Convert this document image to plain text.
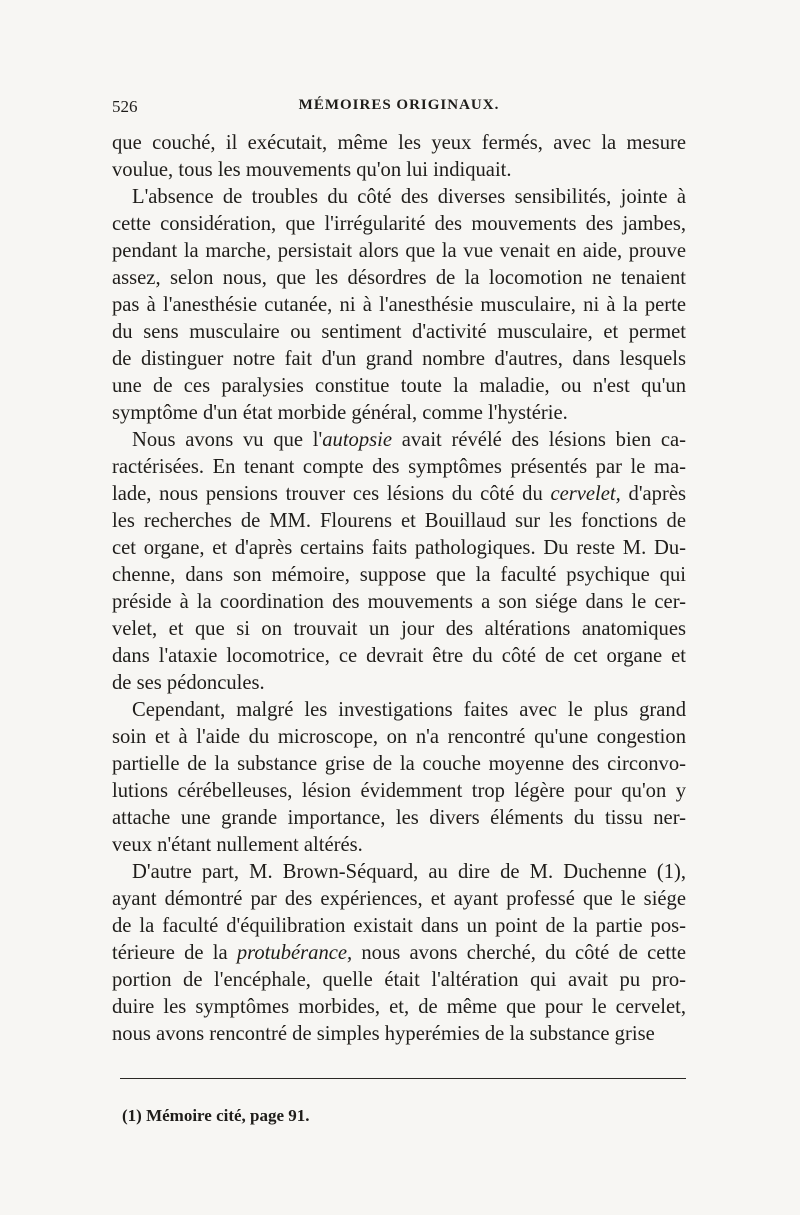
526	MÉMOIRES ORIGINAUX.

que couché, il exécutait, même les yeux fermés, avec la mesure
voulue, tous les mouvements qu'on lui indiquait.

L'absence de troubles du côté des diverses sensibilités, jointe à
cette considération, que l'irrégularité des mouvements des jambes,
pendant la marche, persistait alors que la vue venait en aide, prouve
assez, selon nous, que les désordres de la locomotion ne tenaient
pas à l'anesthésie cutanée, ni à l'anesthésie musculaire, ni à la perte
du sens musculaire ou sentiment d'activité musculaire, et permet
de distinguer notre fait d'un grand nombre d'autres, dans lesquels
une de ces paralysies constitue toute la maladie, ou n'est qu'un
symptôme d'un état morbide général, comme l'hystérie.

Nous avons vu que l'autopsie avait révélé des lésions bien ca-
ractérisées. En tenant compte des symptômes présentés par le ma-
lade, nous pensions trouver ces lésions du côté du cervelet, d'après
les recherches de MM. Flourens et Bouillaud sur les fonctions de
cet organe, et d'après certains faits pathologiques. Du reste M. Du-
chenne, dans son mémoire, suppose que la faculté psychique qui
préside à la coordination des mouvements a son siége dans le cer-
velet, et que si on trouvait un jour des altérations anatomiques
dans l'ataxie locomotrice, ce devrait être du côté de cet organe et
de ses pédoncules.

Cependant, malgré les investigations faites avec le plus grand
soin et à l'aide du microscope, on n'a rencontré qu'une congestion
partielle de la substance grise de la couche moyenne des circonvo-
lutions cérébelleuses, lésion évidemment trop légère pour qu'on y
attache une grande importance, les divers éléments du tissu ner-
veux n'étant nullement altérés.

D'autre part, M. Brown-Séquard, au dire de M. Duchenne (1),
ayant démontré par des expériences, et ayant professé que le siége
de la faculté d'équilibration existait dans un point de la partie pos-
térieure de la protubérance, nous avons cherché, du côté de cette
portion de l'encéphale, quelle était l'altération qui avait pu pro-
duire les symptômes morbides, et, de même que pour le cervelet,
nous avons rencontré de simples hyperémies de la substance grise

(1) Mémoire cité, page 91.
